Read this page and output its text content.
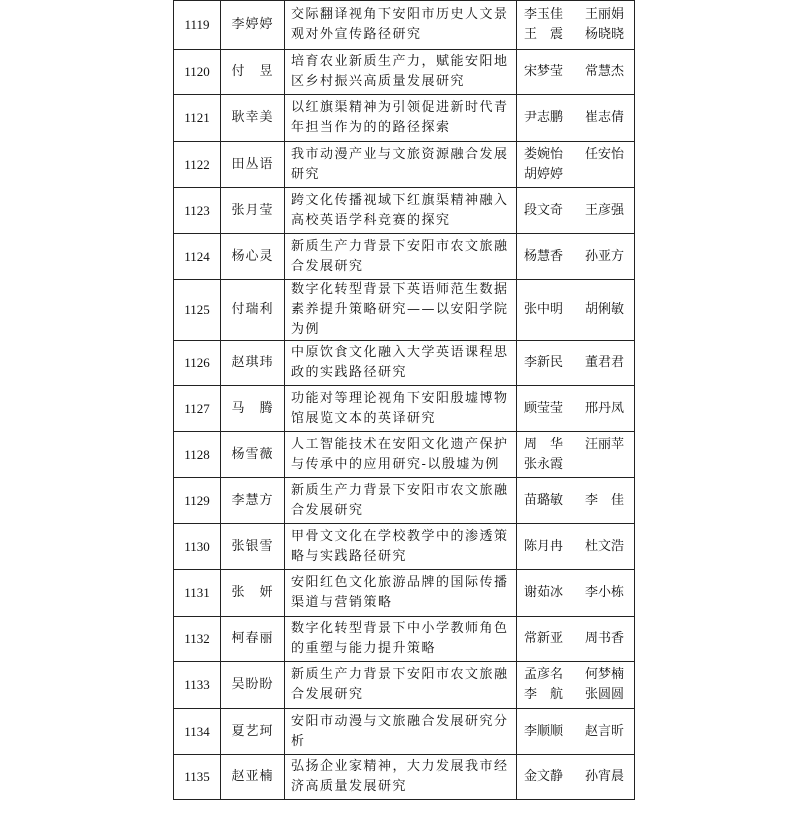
1119	李婷婷	交际翻译视角下安阳市历史人文景观对外宣传路径研究	李玉佳 王丽娟
王　震 杨晓晓

1120	付　昱	培育农业新质生产力，赋能安阳地区乡村振兴高质量发展研究	宋梦莹 常慧杰

1121	耿幸美	以红旗渠精神为引领促进新时代青年担当作为的的路径探索	尹志鹏 崔志倩

1122	田丛语	我市动漫产业与文旅资源融合发展研究	娄婉怡 任安怡
胡婷婷

1123	张月莹	跨文化传播视域下红旗渠精神融入高校英语学科竞赛的探究	段文奇 王彦强

1124	杨心灵	新质生产力背景下安阳市农文旅融合发展研究	杨慧香 孙亚方

1125	付瑞利	数字化转型背景下英语师范生数据素养提升策略研究——以安阳学院为例	张中明 胡俐敏

1126	赵琪玮	中原饮食文化融入大学英语课程思政的实践路径研究	李新民 董君君

1127	马　腾	功能对等理论视角下安阳殷墟博物馆展览文本的英译研究	顾莹莹 邢丹凤

1128	杨雪薇	人工智能技术在安阳文化遗产保护与传承中的应用研究-以殷墟为例	周　华 汪丽苹
张永霞

1129	李慧方	新质生产力背景下安阳市农文旅融合发展研究	苗璐敏 李　佳

1130	张银雪	甲骨文文化在学校教学中的渗透策略与实践路径研究	陈月冉 杜文浩

1131	张　妍	安阳红色文化旅游品牌的国际传播渠道与营销策略	谢茹冰 李小栋

1132	柯春丽	数字化转型背景下中小学教师角色的重塑与能力提升策略	常新亚 周书香

1133	吴盼盼	新质生产力背景下安阳市农文旅融合发展研究	孟彦名 何梦楠
李　航 张圆圆

1134	夏艺珂	安阳市动漫与文旅融合发展研究分析	李顺顺 赵言昕

1135	赵亚楠	弘扬企业家精神，大力发展我市经济高质量发展研究	金文静 孙宵晨
